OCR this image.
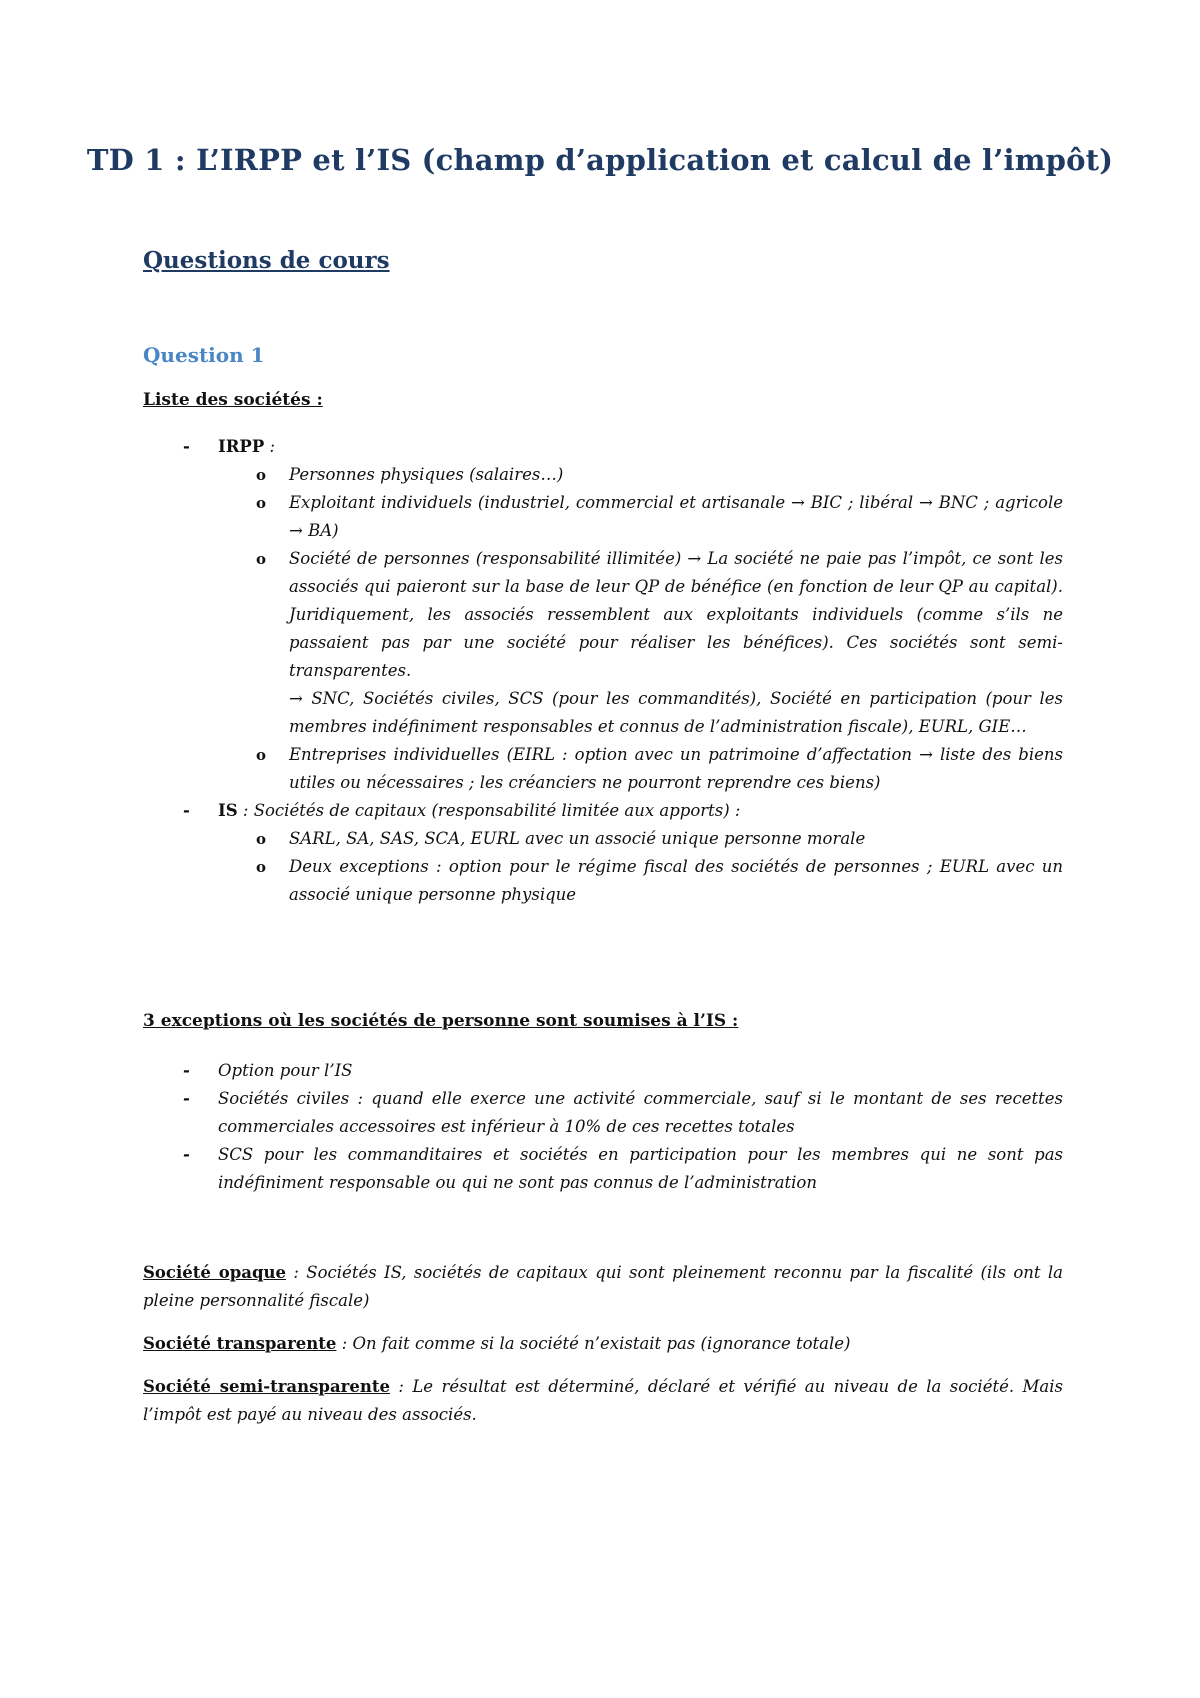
TD 1 : L’IRPP et l’IS (champ d’application et calcul de l’impôt)
Questions de cours
Question 1
Liste des sociétés :
- IRPP :
o Personnes physiques (salaires…)
o Exploitant individuels (industriel, commercial et artisanale → BIC ; libéral → BNC ; agricole → BA)
o Société de personnes (responsabilité illimitée) → La société ne paie pas l’impôt, ce sont les associés qui paieront sur la base de leur QP de bénéfice (en fonction de leur QP au capital). Juridiquement, les associés ressemblent aux exploitants individuels (comme s’ils ne passaient pas par une société pour réaliser les bénéfices). Ces sociétés sont semi-transparentes.
→ SNC, Sociétés civiles, SCS (pour les commandités), Société en participation (pour les membres indéfiniment responsables et connus de l’administration fiscale), EURL, GIE…
o Entreprises individuelles (EIRL : option avec un patrimoine d’affectation → liste des biens utiles ou nécessaires ; les créanciers ne pourront reprendre ces biens)
- IS : Sociétés de capitaux (responsabilité limitée aux apports) :
o SARL, SA, SAS, SCA, EURL avec un associé unique personne morale
o Deux exceptions : option pour le régime fiscal des sociétés de personnes ; EURL avec un associé unique personne physique
3 exceptions où les sociétés de personne sont soumises à l’IS :
- Option pour l’IS
- Sociétés civiles : quand elle exerce une activité commerciale, sauf si le montant de ses recettes commerciales accessoires est inférieur à 10% de ces recettes totales
- SCS pour les commanditaires et sociétés en participation pour les membres qui ne sont pas indéfiniment responsable ou qui ne sont pas connus de l’administration
Société opaque : Sociétés IS, sociétés de capitaux qui sont pleinement reconnu par la fiscalité (ils ont la pleine personnalité fiscale)
Société transparente : On fait comme si la société n’existait pas (ignorance totale)
Société semi-transparente : Le résultat est déterminé, déclaré et vérifié au niveau de la société. Mais l’impôt est payé au niveau des associés.
